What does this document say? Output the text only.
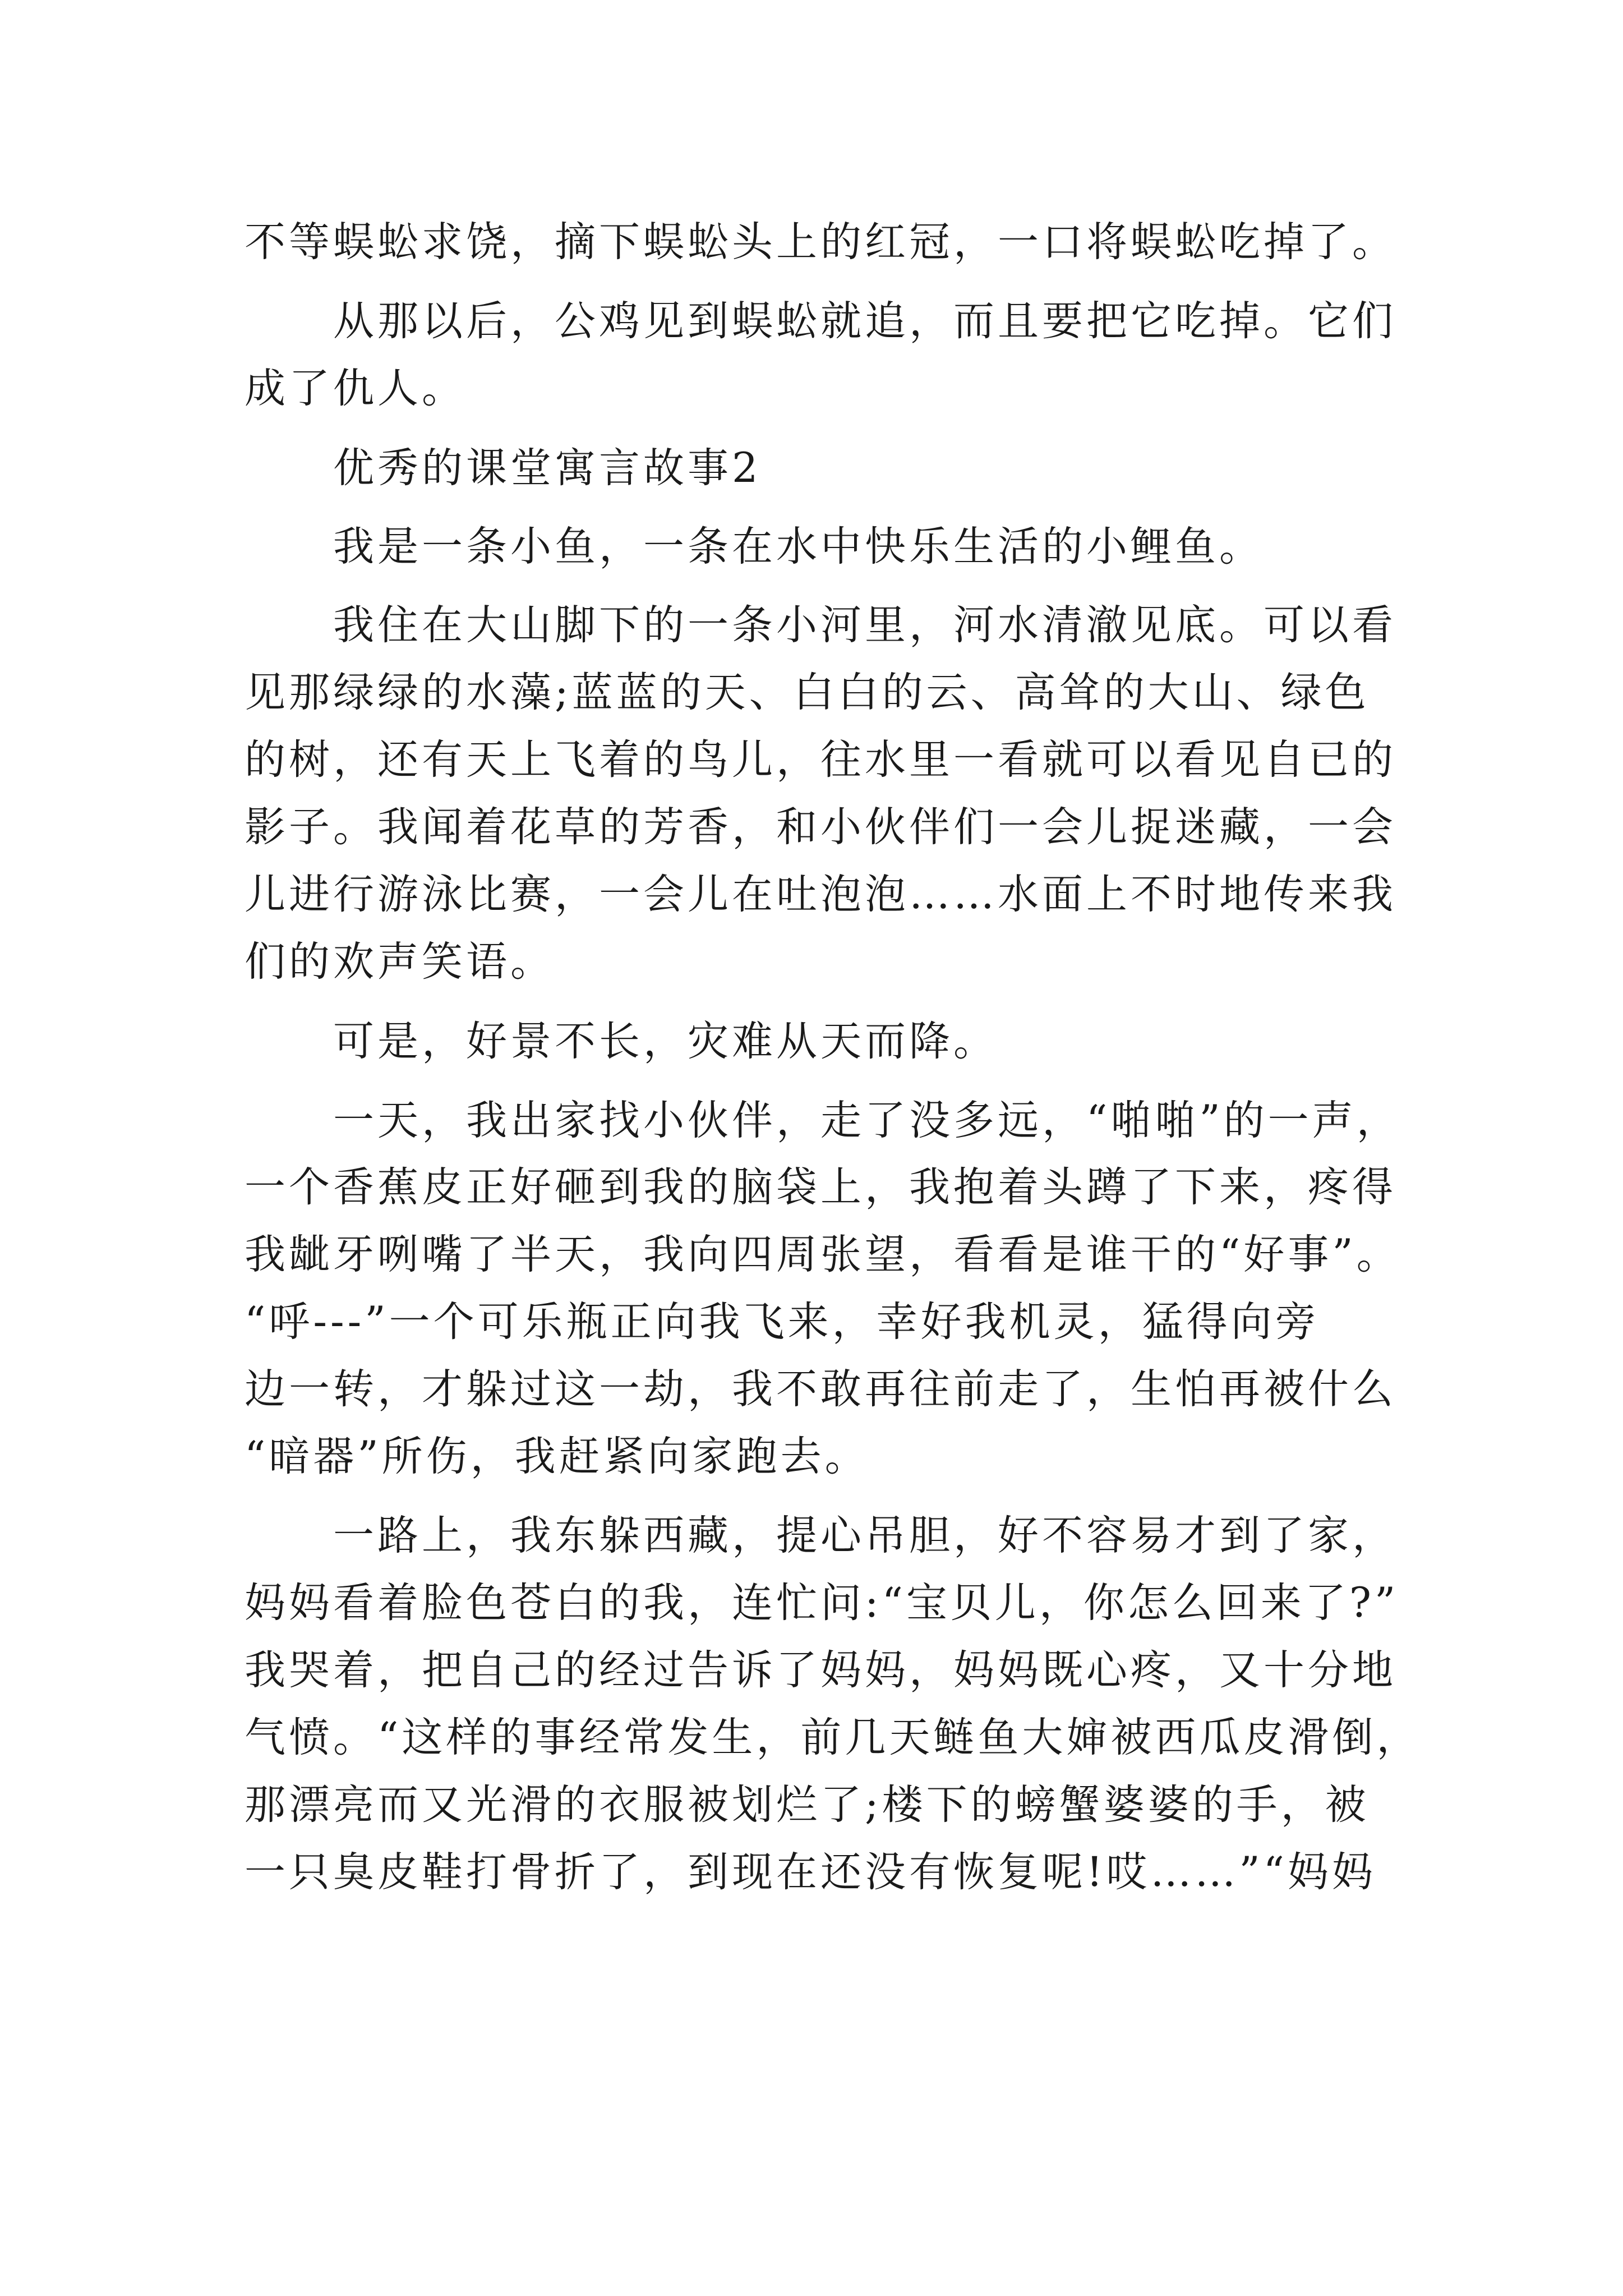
不等蜈蚣求饶，摘下蜈蚣头上的红冠，一口将蜈蚣吃掉了。
　　从那以后，公鸡见到蜈蚣就追，而且要把它吃掉。它们
成了仇人。
　　优秀的课堂寓言故事2
　　我是一条小鱼，一条在水中快乐生活的小鲤鱼。
　　我住在大山脚下的一条小河里，河水清澈见底。可以看
见那绿绿的水藻;蓝蓝的天、白白的云、高耸的大山、绿色
的树，还有天上飞着的鸟儿，往水里一看就可以看见自已的
影子。我闻着花草的芳香，和小伙伴们一会儿捉迷藏，一会
儿进行游泳比赛，一会儿在吐泡泡……水面上不时地传来我
们的欢声笑语。
　　可是，好景不长，灾难从天而降。
　　一天，我出家找小伙伴，走了没多远，“啪啪”的一声，
一个香蕉皮正好砸到我的脑袋上，我抱着头蹲了下来，疼得
我龇牙咧嘴了半天，我向四周张望，看看是谁干的“好事”。
“呼---”一个可乐瓶正向我飞来，幸好我机灵，猛得向旁
边一转，才躲过这一劫，我不敢再往前走了，生怕再被什么
“暗器”所伤，我赶紧向家跑去。
　　一路上，我东躲西藏，提心吊胆，好不容易才到了家，
妈妈看着脸色苍白的我，连忙问:“宝贝儿，你怎么回来了?”
我哭着，把自己的经过告诉了妈妈，妈妈既心疼，又十分地
气愤。“这样的事经常发生，前几天鲢鱼大婶被西瓜皮滑倒，
那漂亮而又光滑的衣服被划烂了;楼下的螃蟹婆婆的手，被
一只臭皮鞋打骨折了，到现在还没有恢复呢!哎……”“妈妈
